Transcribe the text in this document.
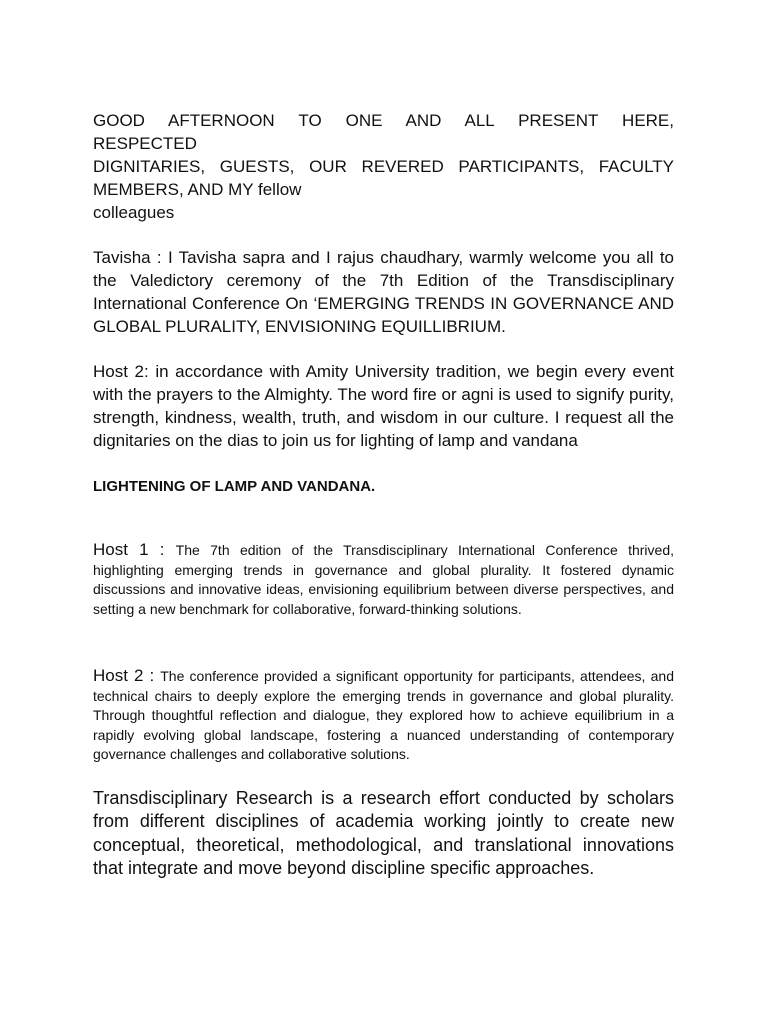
GOOD AFTERNOON TO ONE AND ALL PRESENT HERE,

RESPECTED

DIGNITARIES, GUESTS, OUR REVERED PARTICIPANTS, FACULTY

MEMBERS, AND MY fellow

colleagues

Tavisha : I Tavisha sapra and I rajus chaudhary, warmly welcome you all to the Valedictory ceremony of the 7th Edition of the Transdisciplinary International Conference On ‘EMERGING TRENDS IN GOVERNANCE AND GLOBAL PLURALITY, ENVISIONING EQUILLIBRIUM.

Host 2: in accordance with Amity University tradition, we begin every event with the prayers to the Almighty. The word fire or agni is used to signify purity, strength, kindness, wealth, truth, and wisdom in our culture. I request all the dignitaries on the dias to join us for lighting of lamp and vandana

LIGHTENING OF LAMP AND VANDANA.

Host 1 : The 7th edition of the Transdisciplinary International Conference thrived, highlighting emerging trends in governance and global plurality. It fostered dynamic discussions and innovative ideas, envisioning equilibrium between diverse perspectives, and setting a new benchmark for collaborative, forward-thinking solutions.

Host 2 : The conference provided a significant opportunity for participants, attendees, and technical chairs to deeply explore the emerging trends in governance and global plurality. Through thoughtful reflection and dialogue, they explored how to achieve equilibrium in a rapidly evolving global landscape, fostering a nuanced understanding of contemporary governance challenges and collaborative solutions.

Transdisciplinary Research is a research effort conducted by scholars from different disciplines of academia working jointly to create new conceptual, theoretical, methodological, and translational innovations that integrate and move beyond discipline specific approaches.
